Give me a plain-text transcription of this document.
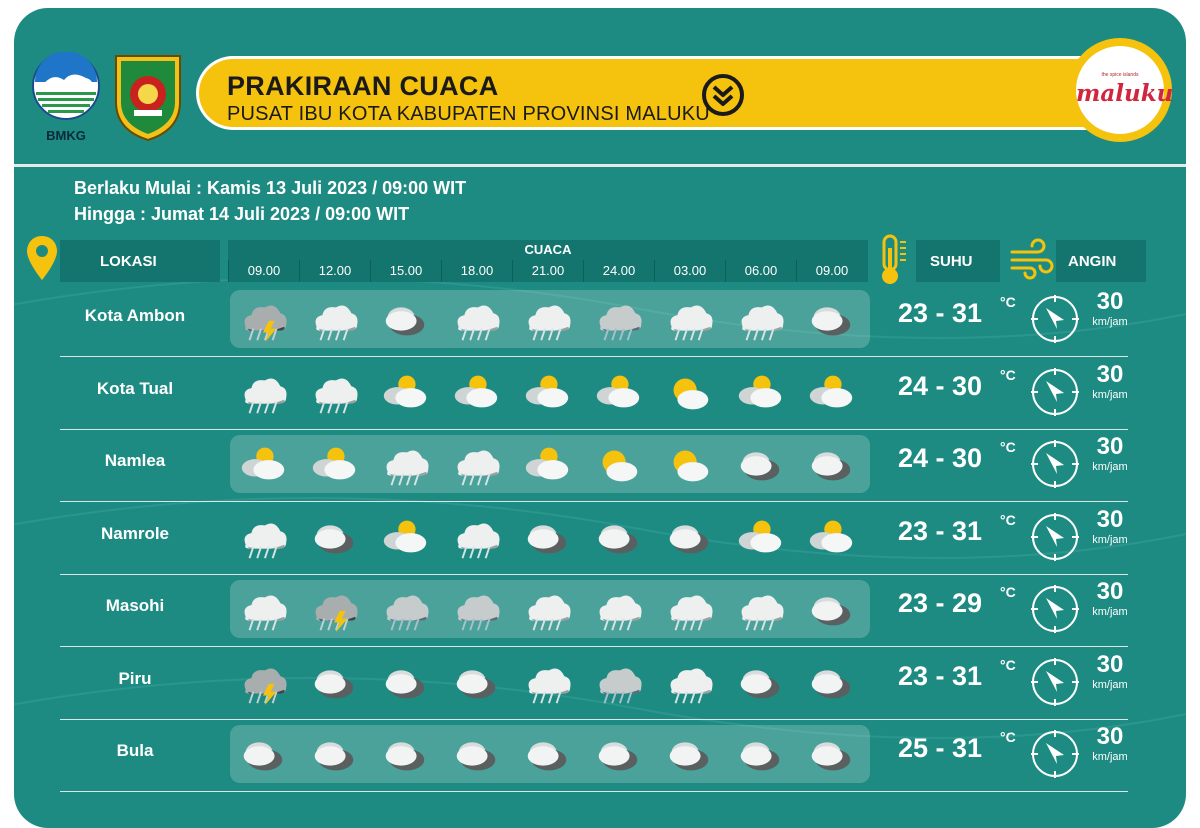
BMKG
PRAKIRAAN CUACA
PUSAT IBU KOTA KABUPATEN PROVINSI MALUKU
the spice islands
maluku
Berlaku Mulai : Kamis 13 Juli 2023 / 09:00 WIT
Hingga : Jumat 14 Juli 2023 / 09:00 WIT
LOKASI
CUACA
09.00	12.00	15.00	18.00	21.00	24.00	03.00	06.00	09.00
SUHU	ANGIN
Kota Ambon	23 - 31 °C	30
km/jam
Kota Tual	24 - 30 °C	30
km/jam
Namlea	24 - 30 °C	30
km/jam
Namrole	23 - 31 °C	30
km/jam
Masohi	23 - 29 °C	30
km/jam
Piru	23 - 31 °C	30
km/jam
Bula	25 - 31 °C	30
km/jam
